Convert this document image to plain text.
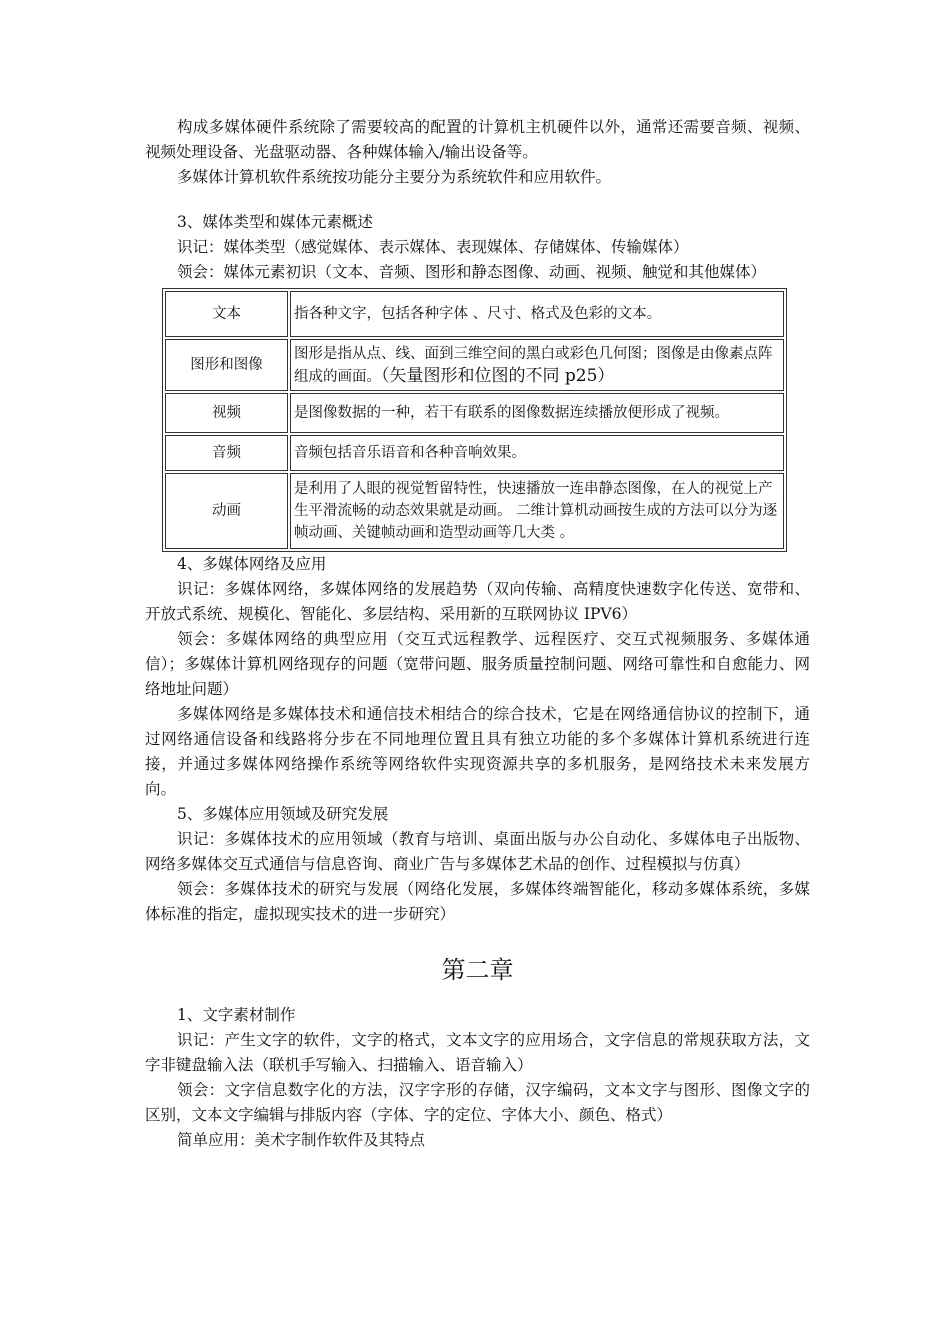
构成多媒体硬件系统除了需要较高的配置的计算机主机硬件以外，通常还需要音频、视频、视频处理设备、光盘驱动器、各种媒体输入/输出设备等。

多媒体计算机软件系统按功能分主要分为系统软件和应用软件。

3、媒体类型和媒体元素概述

识记：媒体类型（感觉媒体、表示媒体、表现媒体、存储媒体、传输媒体）

领会：媒体元素初识（文本、音频、图形和静态图像、动画、视频、触觉和其他媒体）

文本	指各种文字，包括各种字体 、尺寸、格式及色彩的文本。
图形和图像	图形是指从点、线、面到三维空间的黑白或彩色几何图；图像是由像素点阵组成的画面。（矢量图形和位图的不同 p25）
视频	是图像数据的一种，若干有联系的图像数据连续播放便形成了视频。
音频	音频包括音乐语音和各种音响效果。
动画	是利用了人眼的视觉暂留特性，快速播放一连串静态图像，在人的视觉上产生平滑流畅的动态效果就是动画。 二维计算机动画按生成的方法可以分为逐帧动画、关键帧动画和造型动画等几大类 。

4、多媒体网络及应用

识记：多媒体网络，多媒体网络的发展趋势（双向传输、高精度快速数字化传送、宽带和、开放式系统、规模化、智能化、多层结构、采用新的互联网协议 IPV6）

领会：多媒体网络的典型应用（交互式远程教学、远程医疗、交互式视频服务、多媒体通信）；多媒体计算机网络现存的问题（宽带问题、服务质量控制问题、网络可靠性和自愈能力、网络地址问题）

多媒体网络是多媒体技术和通信技术相结合的综合技术，它是在网络通信协议的控制下，通过网络通信设备和线路将分步在不同地理位置且具有独立功能的多个多媒体计算机系统进行连接，并通过多媒体网络操作系统等网络软件实现资源共享的多机服务，是网络技术未来发展方向。

5、多媒体应用领域及研究发展

识记：多媒体技术的应用领域（教育与培训、桌面出版与办公自动化、多媒体电子出版物、网络多媒体交互式通信与信息咨询、商业广告与多媒体艺术品的创作、过程模拟与仿真）

领会：多媒体技术的研究与发展（网络化发展，多媒体终端智能化，移动多媒体系统，多媒体标准的指定，虚拟现实技术的进一步研究）

第二章

1、文字素材制作

识记：产生文字的软件，文字的格式，文本文字的应用场合，文字信息的常规获取方法，文字非键盘输入法（联机手写输入、扫描输入、语音输入）

领会：文字信息数字化的方法，汉字字形的存储，汉字编码，文本文字与图形、图像文字的区别，文本文字编辑与排版内容（字体、字的定位、字体大小、颜色、格式）

简单应用：美术字制作软件及其特点
